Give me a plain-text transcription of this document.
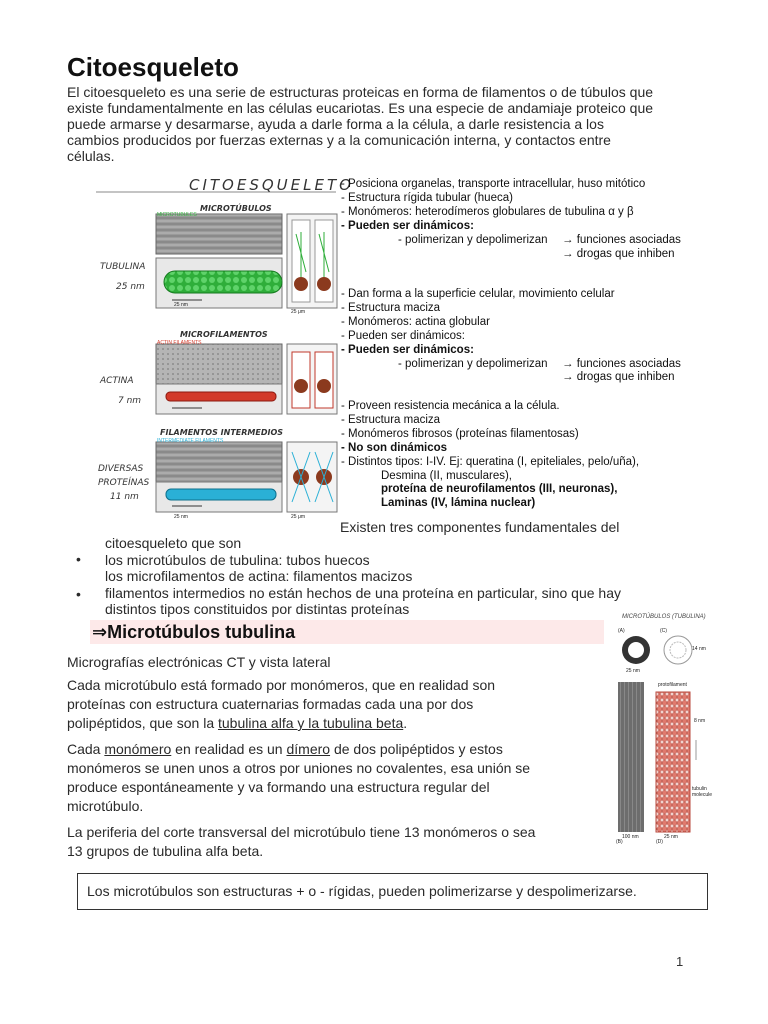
Citoesqueleto
El citoesqueleto es una serie de estructuras proteicas en forma de filamentos o de túbulos que
existe fundamentalmente en las células eucariotas. Es una especie de andamiaje proteico que
puede armarse y desarmarse, ayuda a darle forma a la célula, a darle resistencia a los
cambios producidos por fuerzas externas y a la comunicación interna, y contactos entre
células.
CITOESQUELETO
MICROTÚBULOS
MICROTUBULES
TUBULINA
25 nm
25 nm
25 μm
MICROFILAMENTOS
ACTIN FILAMENTS
ACTINA
7 nm
FILAMENTOS INTERMEDIOS
INTERMEDIATE FILAMENTS
DIVERSAS
PROTEÍNAS
11 nm
25 nm	25 μm
- Posiciona organelas, transporte intracellular, huso mitótico
- Estructura rígida tubular (hueca)
- Monómeros: heterodímeros globulares de tubulina α y β
- Pueden ser dinámicos:
- polimerizan y depolimerizan → funciones asociadas
→ drogas que inhiben
- Dan forma a la superficie celular, movimiento celular
- Estructura maciza
- Monómeros: actina globular
- Pueden ser dinámicos:
- Pueden ser dinámicos:
- polimerizan y depolimerizan → funciones asociadas
→ drogas que inhiben
- Proveen resistencia mecánica a la célula.
- Estructura maciza
- Monómeros fibrosos (proteínas filamentosas)
- No son dinámicos
- Distintos tipos: I-IV. Ej: queratina (I, epiteliales, pelo/uña),
Desmina (II, musculares),
proteína de neurofilamentos (III, neuronas),
Laminas (IV, lámina nuclear)
Existen tres componentes fundamentales del
citoesqueleto que son
• los microtúbulos de tubulina: tubos huecos
los microfilamentos de actina: filamentos macizos
• filamentos intermedios no están hechos de una proteína en particular, sino que hay
distintos tipos constituidos por distintas proteínas
⇒Microtúbulos tubulina
Micrografías electrónicas CT y vista lateral
Cada microtúbulo está formado por monómeros, que en realidad son
proteínas con estructura cuaternarias formadas cada una por dos
polipéptidos, que son la tubulina alfa y la tubulina beta.
Cada monómero en realidad es un dímero de dos polipéptidos y estos
monómeros se unen unos a otros por uniones no covalentes, esa unión se
produce espontáneamente y va formando una estructura regular del
microtúbulo.
La periferia del corte transversal del microtúbulo tiene 13 monómeros o sea
13 grupos de tubulina alfa beta.
MICROTÚBULOS (TUBULINA)
(A)	(C)
25 nm
14 nm
protofilament
8 nm
tubulin molecule
100 nm	25 nm
(B)	(D)
Los microtúbulos son estructuras + o - rígidas, pueden polimerizarse y despolimerizarse.
1
